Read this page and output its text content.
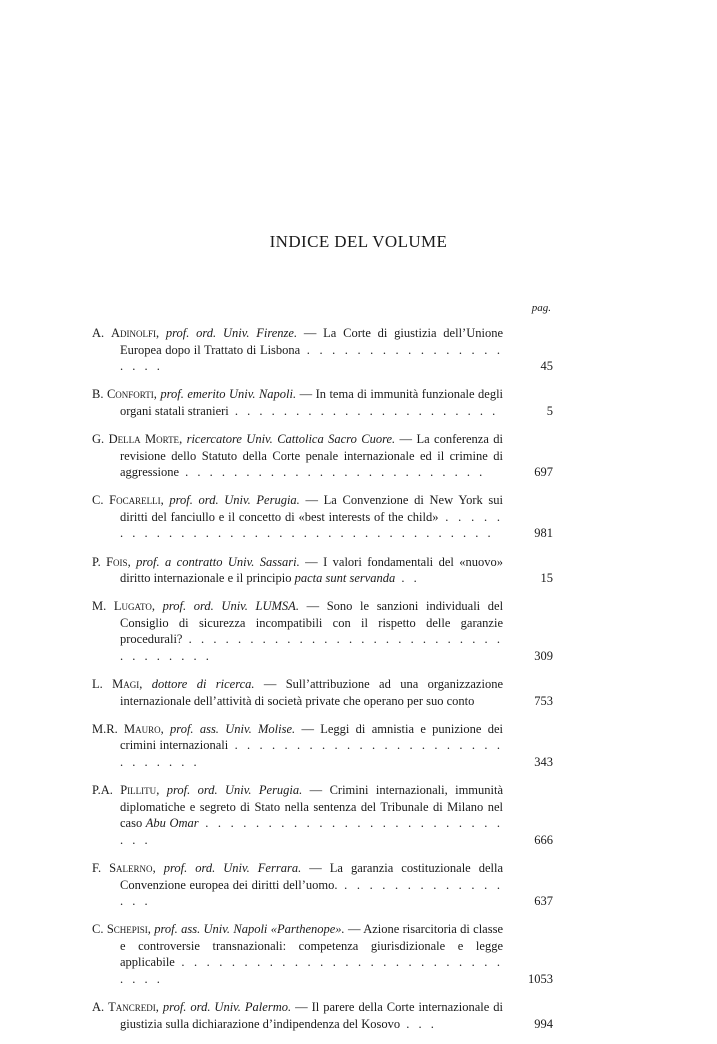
INDICE DEL VOLUME
pag.
A. Adinolfi, prof. ord. Univ. Firenze. — La Corte di giustizia dell’Unione Europea dopo il Trattato di Lisbona . . . . . . . . . . . . . . . . . . . .	45
B. Conforti, prof. emerito Univ. Napoli. — In tema di immunità funzionale degli organi statali stranieri . . . . . . . . . . . . . . . . . . . . . .	5
G. Della Morte, ricercatore Univ. Cattolica Sacro Cuore. — La conferenza di revisione dello Statuto della Corte penale internazionale ed il crimine di aggressione . . . . . . . . . . . . . . . . . . . . . . . . .	697
C. Focarelli, prof. ord. Univ. Perugia. — La Convenzione di New York sui diritti del fanciullo e il concetto di «best interests of the child» . . . . . . . . . . . . . . . . . . . . . . . . . . . . . . . . . . . .	981
P. Fois, prof. a contratto Univ. Sassari. — I valori fondamentali del «nuovo» diritto internazionale e il principio pacta sunt servanda . .	15
M. Lugato, prof. ord. Univ. LUMSA. — Sono le sanzioni individuali del Consiglio di sicurezza incompatibili con il rispetto delle garanzie procedurali? . . . . . . . . . . . . . . . . . . . . . . . . . . . . . . . . . .	309
L. Magi, dottore di ricerca. — Sull’attribuzione ad una organizzazione internazionale dell’attività di società private che operano per suo conto	753
M.R. Mauro, prof. ass. Univ. Molise. — Leggi di amnistia e punizione dei crimini internazionali . . . . . . . . . . . . . . . . . . . . . . . . . . . . .	343
P.A. Pillitu, prof. ord. Univ. Perugia. — Crimini internazionali, immunità diplomatiche e segreto di Stato nella sentenza del Tribunale di Milano nel caso Abu Omar . . . . . . . . . . . . . . . . . . . . . . . . . . .	666
F. Salerno, prof. ord. Univ. Ferrara. — La garanzia costituzionale della Convenzione europea dei diritti dell’uomo. . . . . . . . . . . . . . . . .	637
C. Schepisi, prof. ass. Univ. Napoli «Parthenope». — Azione risarcitoria di classe e controversie transnazionali: competenza giurisdizionale e legge applicabile . . . . . . . . . . . . . . . . . . . . . . . . . . . . . .	1053
A. Tancredi, prof. ord. Univ. Palermo. — Il parere della Corte internazionale di giustizia sulla dichiarazione d’indipendenza del Kosovo . . .	994
